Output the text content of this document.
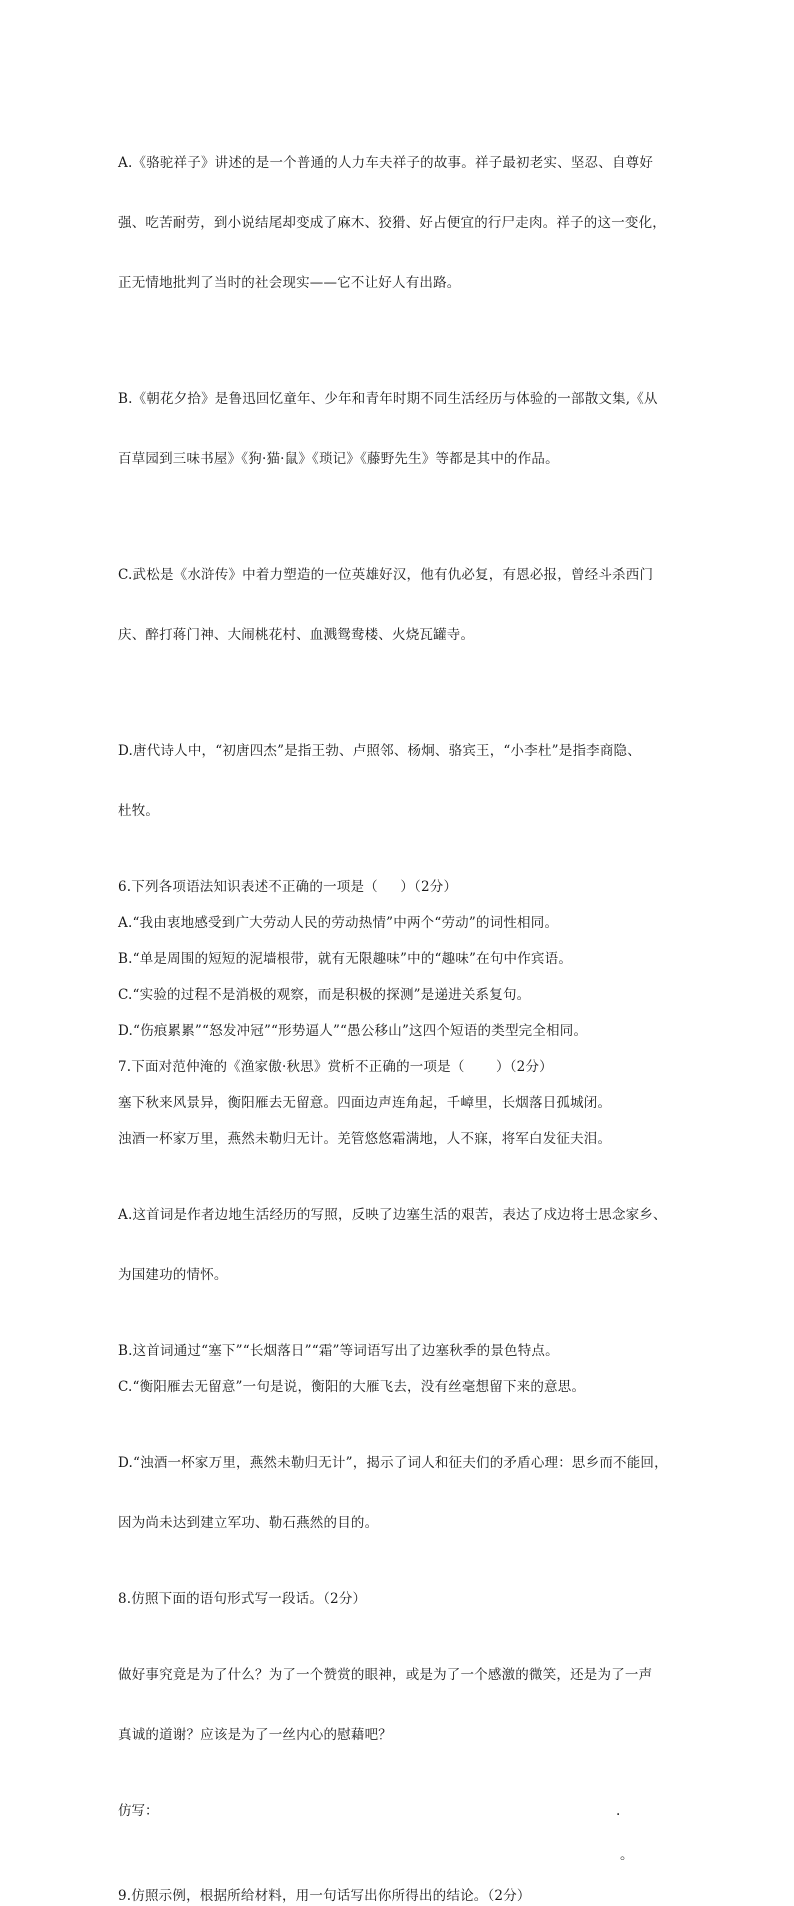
A.《骆驼祥子》讲述的是一个普通的人力车夫祥子的故事。祥子最初老实、坚忍、自尊好

强、吃苦耐劳，到小说结尾却变成了麻木、狡猾、好占便宜的行尸走肉。祥子的这一变化，

正无情地批判了当时的社会现实——它不让好人有出路。

B.《朝花夕拾》是鲁迅回忆童年、少年和青年时期不同生活经历与体验的一部散文集,《从

百草园到三味书屋》《狗·猫·鼠》《琐记》《藤野先生》等都是其中的作品。

C.武松是《水浒传》中着力塑造的一位英雄好汉，他有仇必复，有恩必报，曾经斗杀西门

庆、醉打蒋门神、大闹桃花村、血溅鸳鸯楼、火烧瓦罐寺。

D.唐代诗人中，“初唐四杰”是指王勃、卢照邻、杨炯、骆宾王，“小李杜”是指李商隐、

杜牧。

6.下列各项语法知识表述不正确的一项是（     ）（2分）

A.“我由衷地感受到广大劳动人民的劳动热情”中两个“劳动”的词性相同。

B.“单是周围的短短的泥墙根带，就有无限趣味”中的“趣味”在句中作宾语。

C.“实验的过程不是消极的观察，而是积极的探测”是递进关系复句。

D.“伤痕累累”“怒发冲冠”“形势逼人”“愚公移山”这四个短语的类型完全相同。

7.下面对范仲淹的《渔家傲·秋思》赏析不正确的一项是（       ）（2分）

塞下秋来风景异，衡阳雁去无留意。四面边声连角起，千嶂里，长烟落日孤城闭。

浊酒一杯家万里，燕然未勒归无计。羌管悠悠霜满地，人不寐，将军白发征夫泪。

A.这首词是作者边地生活经历的写照，反映了边塞生活的艰苦，表达了戍边将士思念家乡、

为国建功的情怀。

B.这首词通过“塞下”“长烟落日”“霜”等词语写出了边塞秋季的景色特点。

C.“衡阳雁去无留意”一句是说，衡阳的大雁飞去，没有丝毫想留下来的意思。

D.“浊酒一杯家万里，燕然未勒归无计”，揭示了词人和征夫们的矛盾心理：思乡而不能回，

因为尚未达到建立军功、勒石燕然的目的。

8.仿照下面的语句形式写一段话。（2分）

做好事究竟是为了什么？为了一个赞赏的眼神，或是为了一个感激的微笑，还是为了一声

真诚的道谢？应该是为了一丝内心的慰藉吧？

仿写：	.
。

9.仿照示例，根据所给材料，用一句话写出你所得出的结论。（2分）
